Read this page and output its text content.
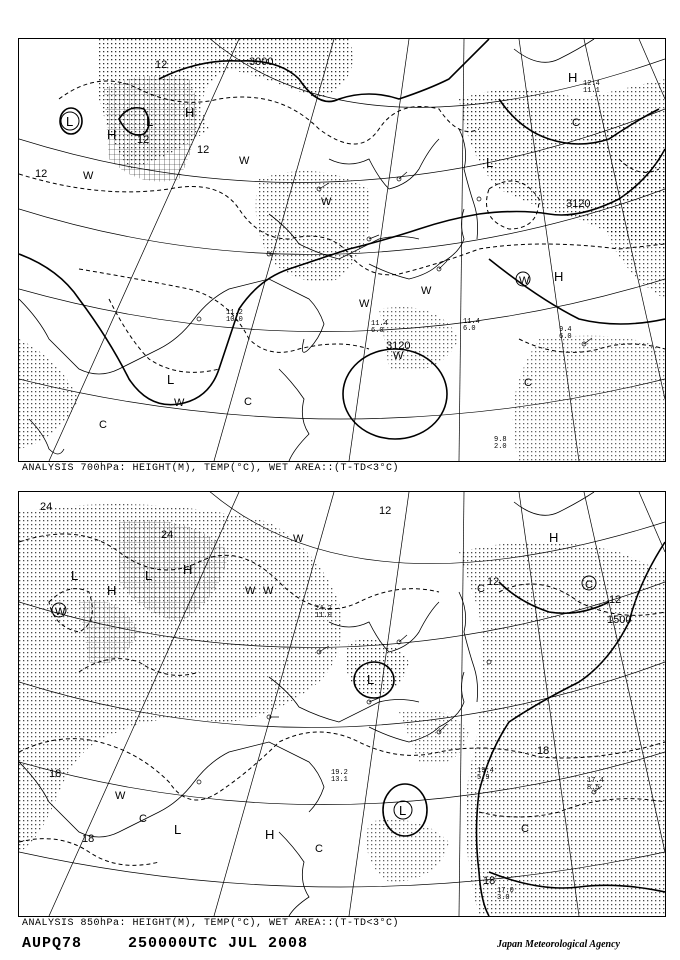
3000
3120
3120
12
12
12
12
L	L
L
L
H
H
H
H
W
W
W
W
W
W
W
C
C
C
C
W
9.4 6.0
11.4 6.0
9.8 2.0
12.4 11.1
11.2 10.0	11.4 6.0
ANALYSIS 700hPa: HEIGHT(M), TEMP(°C), WET AREA::(T-TD<3°C)
1500
24
24
18
18
18
18
12
12
12
L	L
L
L
L
H
H
H
H
W
W
W
C
C
C
C
C
W
W
17.4 8.5
19.4 5.9
17.0 3.0
19.2 13.1
24.2 11.0
ANALYSIS 850hPa: HEIGHT(M), TEMP(°C), WET AREA::(T-TD<3°C)
AUPQ78	250000UTC JUL 2008	Japan Meteorological Agency
